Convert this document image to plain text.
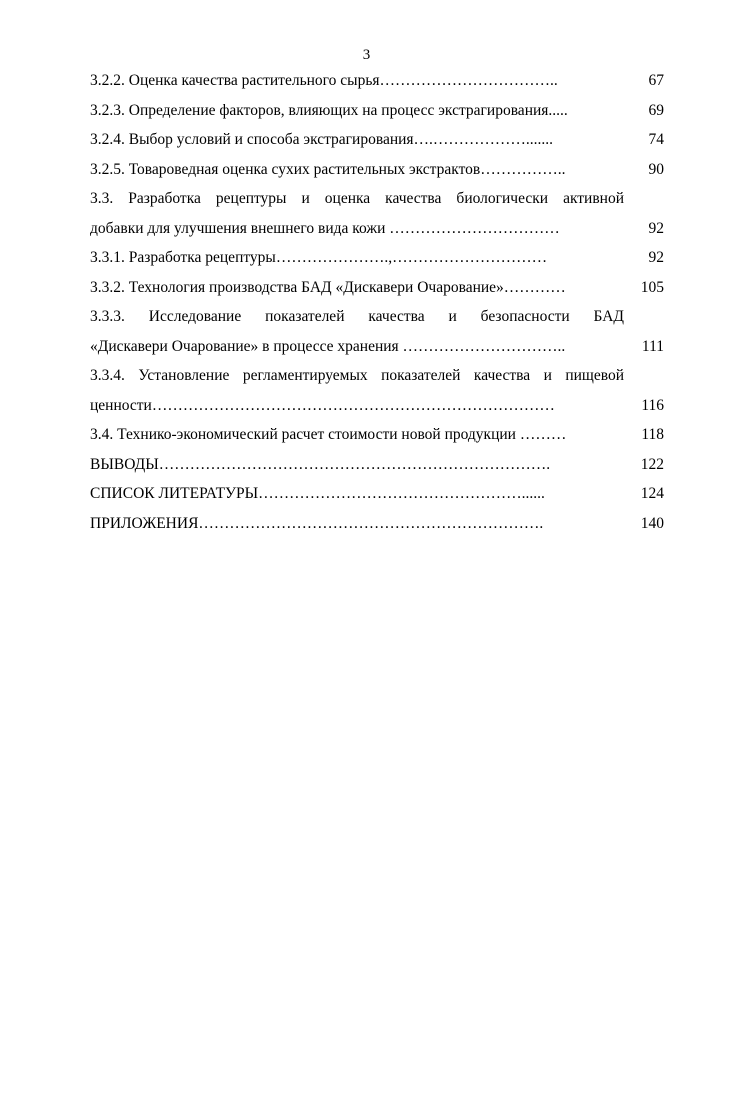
3
3.2.2. Оценка качества растительного сырья……………………………..	67
3.2.3. Определение факторов, влияющих на процесс экстрагирования.....	69
3.2.4. Выбор условий и способа экстрагирования….……………….......	74
3.2.5. Товароведная оценка сухих растительных экстрактов……………..	90
3.3. Разработка рецептуры и оценка качества биологически активной
добавки для улучшения внешнего вида кожи ……………………………	92
3.3.1. Разработка рецептуры………………….,…………………………	92
3.3.2. Технология производства БАД «Дискавери Очарование»…………	105
3.3.3. Исследование показателей качества и безопасности БАД
«Дискавери Очарование» в процессе хранения …………………………..	111
3.3.4. Установление регламентируемых показателей качества и пищевой
ценности……………………………………………………………………	116
3.4. Технико-экономический расчет стоимости новой продукции ………	118
ВЫВОДЫ………………………………………………………………….	122
СПИСОК ЛИТЕРАТУРЫ……………………………………………......	124
ПРИЛОЖЕНИЯ………………………………………………………….	140
